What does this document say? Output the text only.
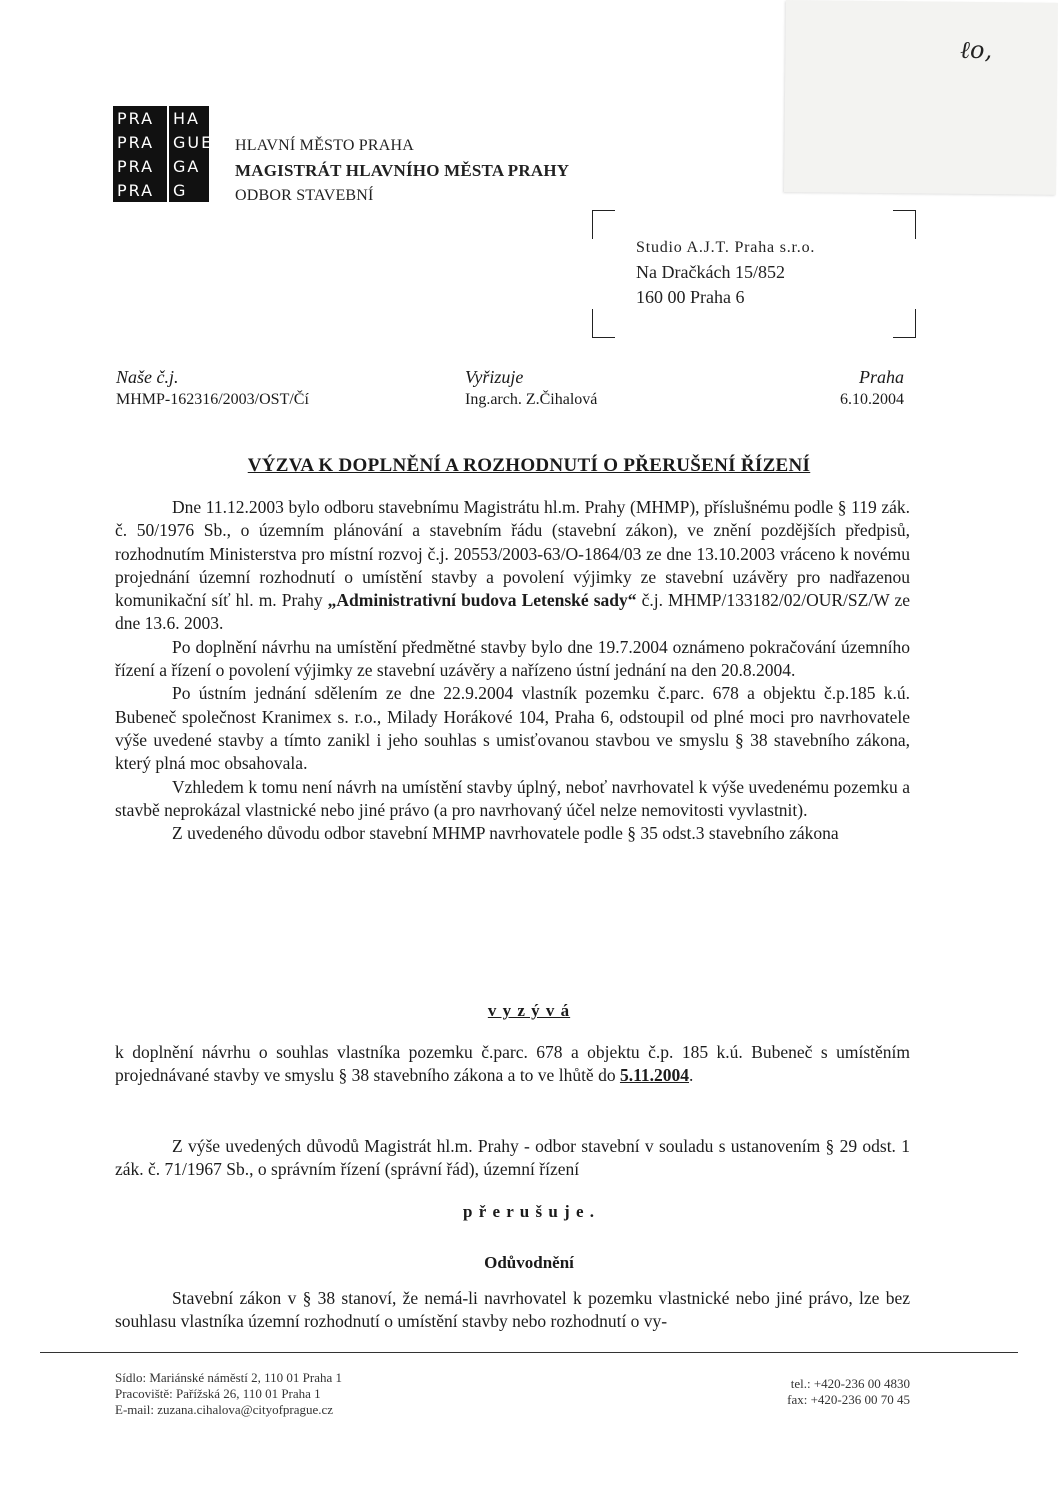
ℓo,
PRA	HA
PRA	GUE
PRA	GA
PRA	G
HLAVNÍ MĚSTO PRAHA
MAGISTRÁT HLAVNÍHO MĚSTA PRAHY
ODBOR STAVEBNÍ
Studio A.J.T. Praha s.r.o.
Na Dračkách 15/852
160 00 Praha 6
Naše č.j.
MHMP-162316/2003/OST/Čí
Vyřizuje
Ing.arch. Z.Čihalová
Praha
6.10.2004
VÝZVA K DOPLNĚNÍ A ROZHODNUTÍ O PŘERUŠENÍ ŘÍZENÍ

Dne 11.12.2003 bylo odboru stavebnímu Magistrátu hl.m. Prahy (MHMP), příslušnému podle § 119 zák. č. 50/1976 Sb., o územním plánování a stavebním řádu (stavební zákon), ve znění pozdějších předpisů, rozhodnutím Ministerstva pro místní rozvoj č.j. 20553/2003-63/O-1864/03 ze dne 13.10.2003 vráceno k novému projednání územní rozhodnutí o umístění stavby a povolení výjimky ze stavební uzávěry pro nadřazenou komunikační síť hl. m. Prahy „Administrativní budova Letenské sady“ č.j. MHMP/133182/02/OUR/SZ/W ze dne 13.6. 2003.

Po doplnění návrhu na umístění předmětné stavby bylo dne 19.7.2004 oznámeno pokračování územního řízení a řízení o povolení výjimky ze stavební uzávěry a nařízeno ústní jednání na den 20.8.2004.

Po ústním jednání sdělením ze dne 22.9.2004 vlastník pozemku č.parc. 678 a objektu č.p.185 k.ú. Bubeneč společnost Kranimex s. r.o., Milady Horákové 104, Praha 6, odstoupil od plné moci pro navrhovatele výše uvedené stavby a tímto zanikl i jeho souhlas s umisťovanou stavbou ve smyslu § 38 stavebního zákona, který plná moc obsahovala.

Vzhledem k tomu není návrh na umístění stavby úplný, neboť navrhovatel k výše uvedenému pozemku a stavbě neprokázal vlastnické nebo jiné právo (a pro navrhovaný účel nelze nemovitosti vyvlastnit).

Z uvedeného důvodu odbor stavební MHMP navrhovatele podle § 35 odst.3 stavebního zákona

v y z ý v á

k doplnění návrhu o souhlas vlastníka pozemku č.parc. 678 a objektu č.p. 185 k.ú. Bubeneč s umístěním projednávané stavby ve smyslu § 38 stavebního zákona a to ve lhůtě do 5.11.2004.

Z výše uvedených důvodů Magistrát hl.m. Prahy - odbor stavební v souladu s ustanovením § 29 odst. 1 zák. č. 71/1967 Sb., o správním řízení (správní řád), územní řízení

p ř e r u š u j e .
Odůvodnění

Stavební zákon v § 38 stanoví, že nemá-li navrhovatel k pozemku vlastnické nebo jiné právo, lze bez souhlasu vlastníka územní rozhodnutí o umístění stavby nebo rozhodnutí o vy-

Sídlo: Mariánské náměstí 2, 110 01 Praha 1
Pracoviště: Pařížská 26, 110 01 Praha 1
E-mail: zuzana.cihalova@cityofprague.cz
tel.: +420-236 00 4830
fax: +420-236 00 70 45
